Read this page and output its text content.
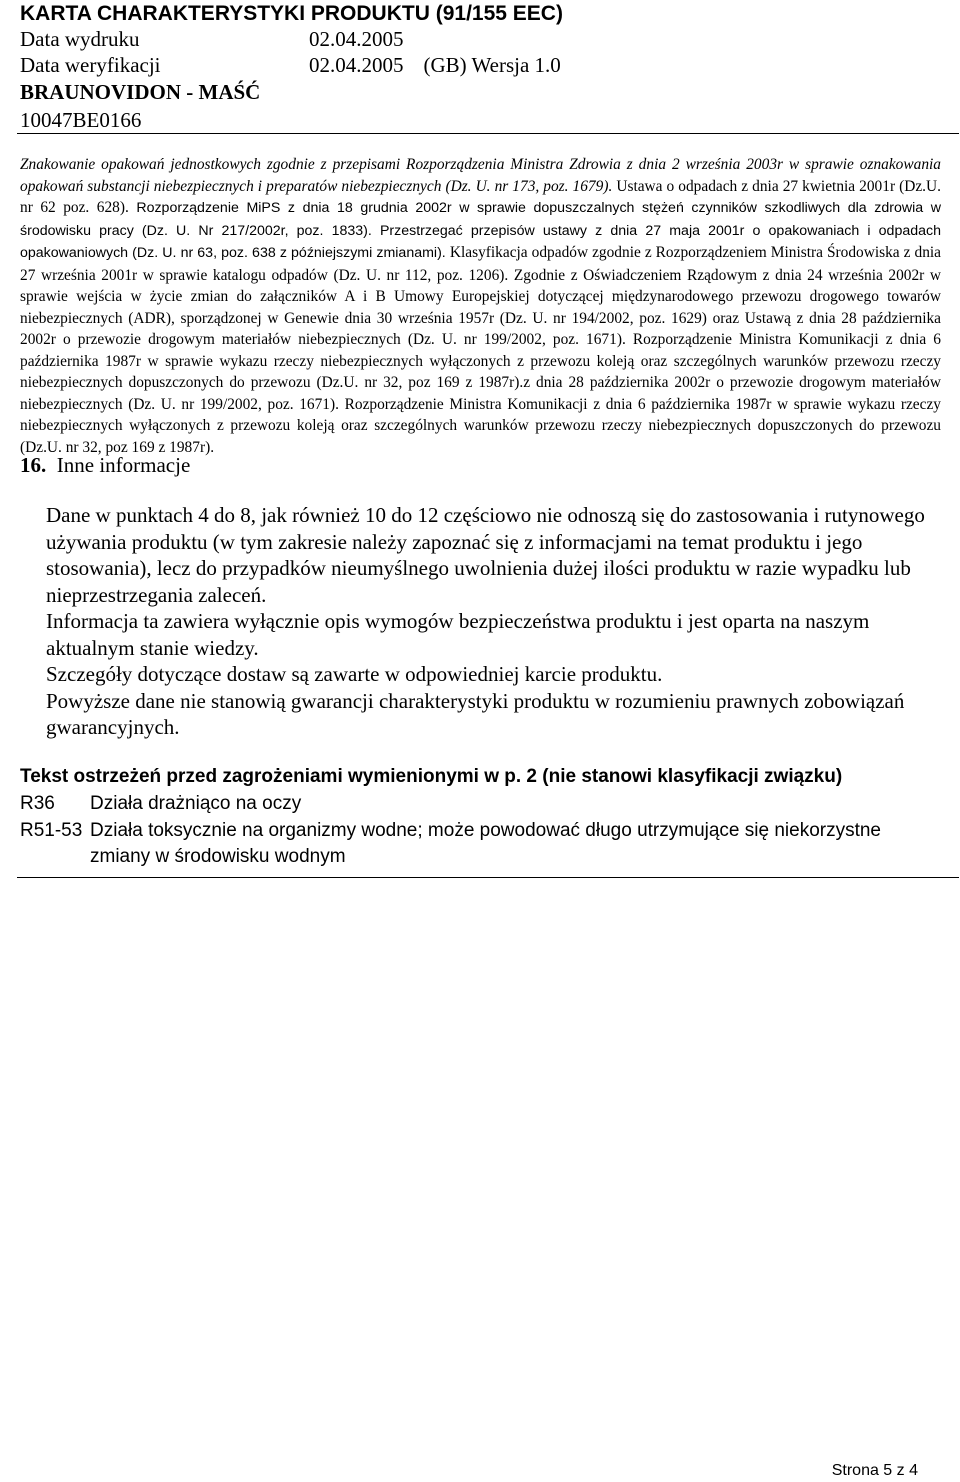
KARTA CHARAKTERYSTYKI PRODUKTU (91/155 EEC)
Data wydruku	02.04.2005
Data weryfikacji	02.04.2005 (GB) Wersja 1.0
BRAUNOVIDON - MAŚĆ
10047BE0166
Znakowanie opakowań jednostkowych zgodnie z przepisami Rozporządzenia Ministra Zdrowia z dnia 2 września 2003r w sprawie oznakowania opakowań substancji niebezpiecznych i preparatów niebezpiecznych (Dz. U. nr 173, poz. 1679). Ustawa o odpadach z dnia 27 kwietnia 2001r (Dz.U. nr 62 poz. 628). Rozporządzenie MiPS z dnia 18 grudnia 2002r w sprawie dopuszczalnych stężeń czynników szkodliwych dla zdrowia w środowisku pracy (Dz. U. Nr 217/2002r, poz. 1833). Przestrzegać przepisów ustawy z dnia 27 maja 2001r o opakowaniach i odpadach opakowaniowych (Dz. U. nr 63, poz. 638 z późniejszymi zmianami). Klasyfikacja odpadów zgodnie z Rozporządzeniem Ministra Środowiska z dnia 27 września 2001r w sprawie katalogu odpadów (Dz. U. nr 112, poz. 1206). Zgodnie z Oświadczeniem Rządowym z dnia 24 września 2002r w sprawie wejścia w życie zmian do załączników A i B Umowy Europejskiej dotyczącej międzynarodowego przewozu drogowego towarów niebezpiecznych (ADR), sporządzonej w Genewie dnia 30 września 1957r (Dz. U. nr 194/2002, poz. 1629) oraz Ustawą z dnia 28 października 2002r o przewozie drogowym materiałów niebezpiecznych (Dz. U. nr 199/2002, poz. 1671). Rozporządzenie Ministra Komunikacji z dnia 6 października 1987r w sprawie wykazu rzeczy niebezpiecznych wyłączonych z przewozu koleją oraz szczególnych warunków przewozu rzeczy niebezpiecznych dopuszczonych do przewozu (Dz.U. nr 32, poz 169 z 1987r).z dnia 28 października 2002r o przewozie drogowym materiałów niebezpiecznych (Dz. U. nr 199/2002, poz. 1671). Rozporządzenie Ministra Komunikacji z dnia 6 października 1987r w sprawie wykazu rzeczy niebezpiecznych wyłączonych z przewozu koleją oraz szczególnych warunków przewozu rzeczy niebezpiecznych dopuszczonych do przewozu (Dz.U. nr 32, poz 169 z 1987r).
16. Inne informacje

Dane w punktach 4 do 8, jak również 10 do 12 częściowo nie odnoszą się do zastosowania i rutynowego używania produktu (w tym zakresie należy zapoznać się z informacjami na temat produktu i jego stosowania), lecz do przypadków nieumyślnego uwolnienia dużej ilości produktu w razie wypadku lub nieprzestrzegania zaleceń.

Informacja ta zawiera wyłącznie opis wymogów bezpieczeństwa produktu i jest oparta na naszym aktualnym stanie wiedzy.

Szczegóły dotyczące dostaw są zawarte w odpowiedniej karcie produktu.

Powyższe dane nie stanowią gwarancji charakterystyki produktu w rozumieniu prawnych zobowiązań gwarancyjnych.

Tekst ostrzeżeń przed zagrożeniami wymienionymi w p. 2 (nie stanowi klasyfikacji związku)
R36	Działa drażniąco na oczy
R51-53 Działa toksycznie na organizmy wodne; może powodować długo utrzymujące się niekorzystne zmiany w środowisku wodnym
Strona 5 z 4
